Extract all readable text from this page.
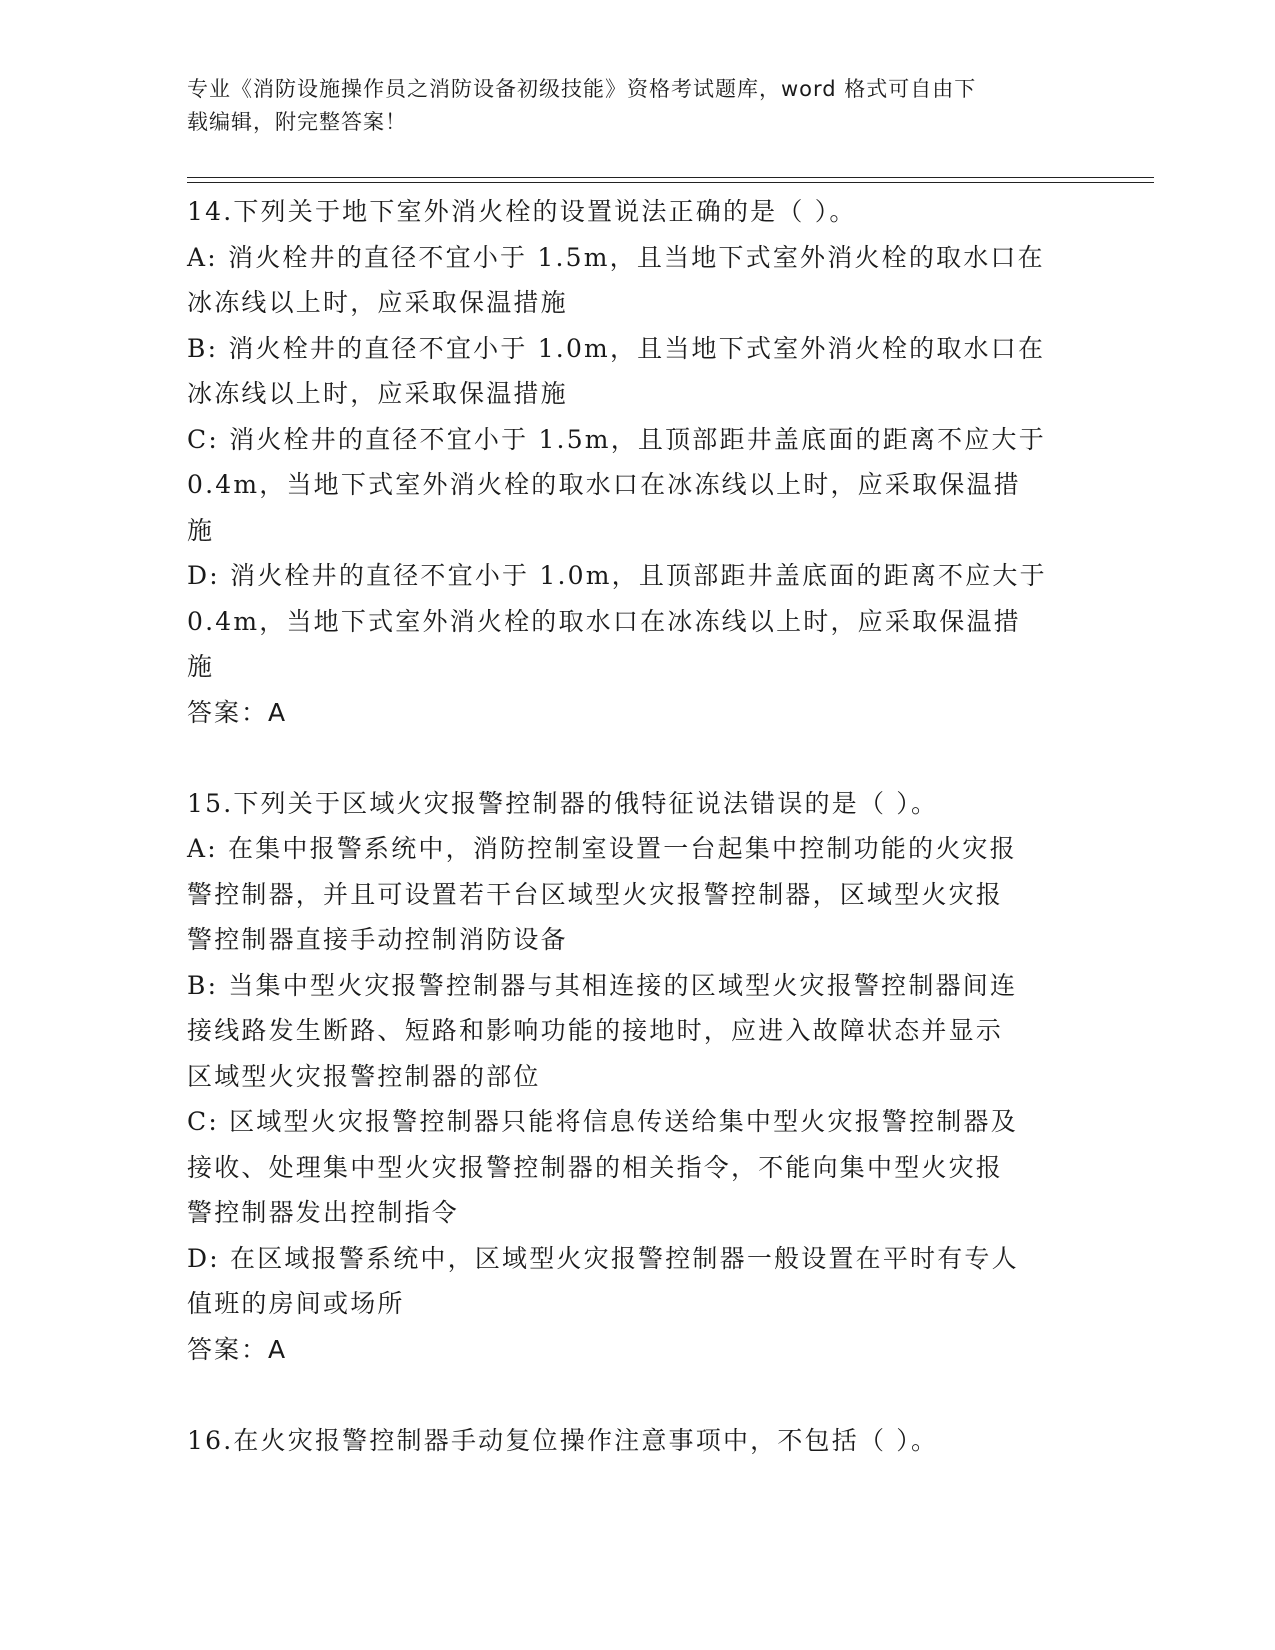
专业《消防设施操作员之消防设备初级技能》资格考试题库，word 格式可自由下
载编辑，附完整答案！
14.下列关于地下室外消火栓的设置说法正确的是（ ）。
A: 消火栓井的直径不宜小于 1.5m，且当地下式室外消火栓的取水口在
冰冻线以上时，应采取保温措施
B: 消火栓井的直径不宜小于 1.0m，且当地下式室外消火栓的取水口在
冰冻线以上时，应采取保温措施
C: 消火栓井的直径不宜小于 1.5m，且顶部距井盖底面的距离不应大于
0.4m，当地下式室外消火栓的取水口在冰冻线以上时，应采取保温措
施
D: 消火栓井的直径不宜小于 1.0m，且顶部距井盖底面的距离不应大于
0.4m，当地下式室外消火栓的取水口在冰冻线以上时，应采取保温措
施
答案：A
15.下列关于区域火灾报警控制器的俄特征说法错误的是（ ）。
A: 在集中报警系统中，消防控制室设置一台起集中控制功能的火灾报
警控制器，并且可设置若干台区域型火灾报警控制器，区域型火灾报
警控制器直接手动控制消防设备
B: 当集中型火灾报警控制器与其相连接的区域型火灾报警控制器间连
接线路发生断路、短路和影响功能的接地时，应进入故障状态并显示
区域型火灾报警控制器的部位
C: 区域型火灾报警控制器只能将信息传送给集中型火灾报警控制器及
接收、处理集中型火灾报警控制器的相关指令，不能向集中型火灾报
警控制器发出控制指令
D: 在区域报警系统中，区域型火灾报警控制器一般设置在平时有专人
值班的房间或场所
答案：A
16.在火灾报警控制器手动复位操作注意事项中，不包括（ ）。
